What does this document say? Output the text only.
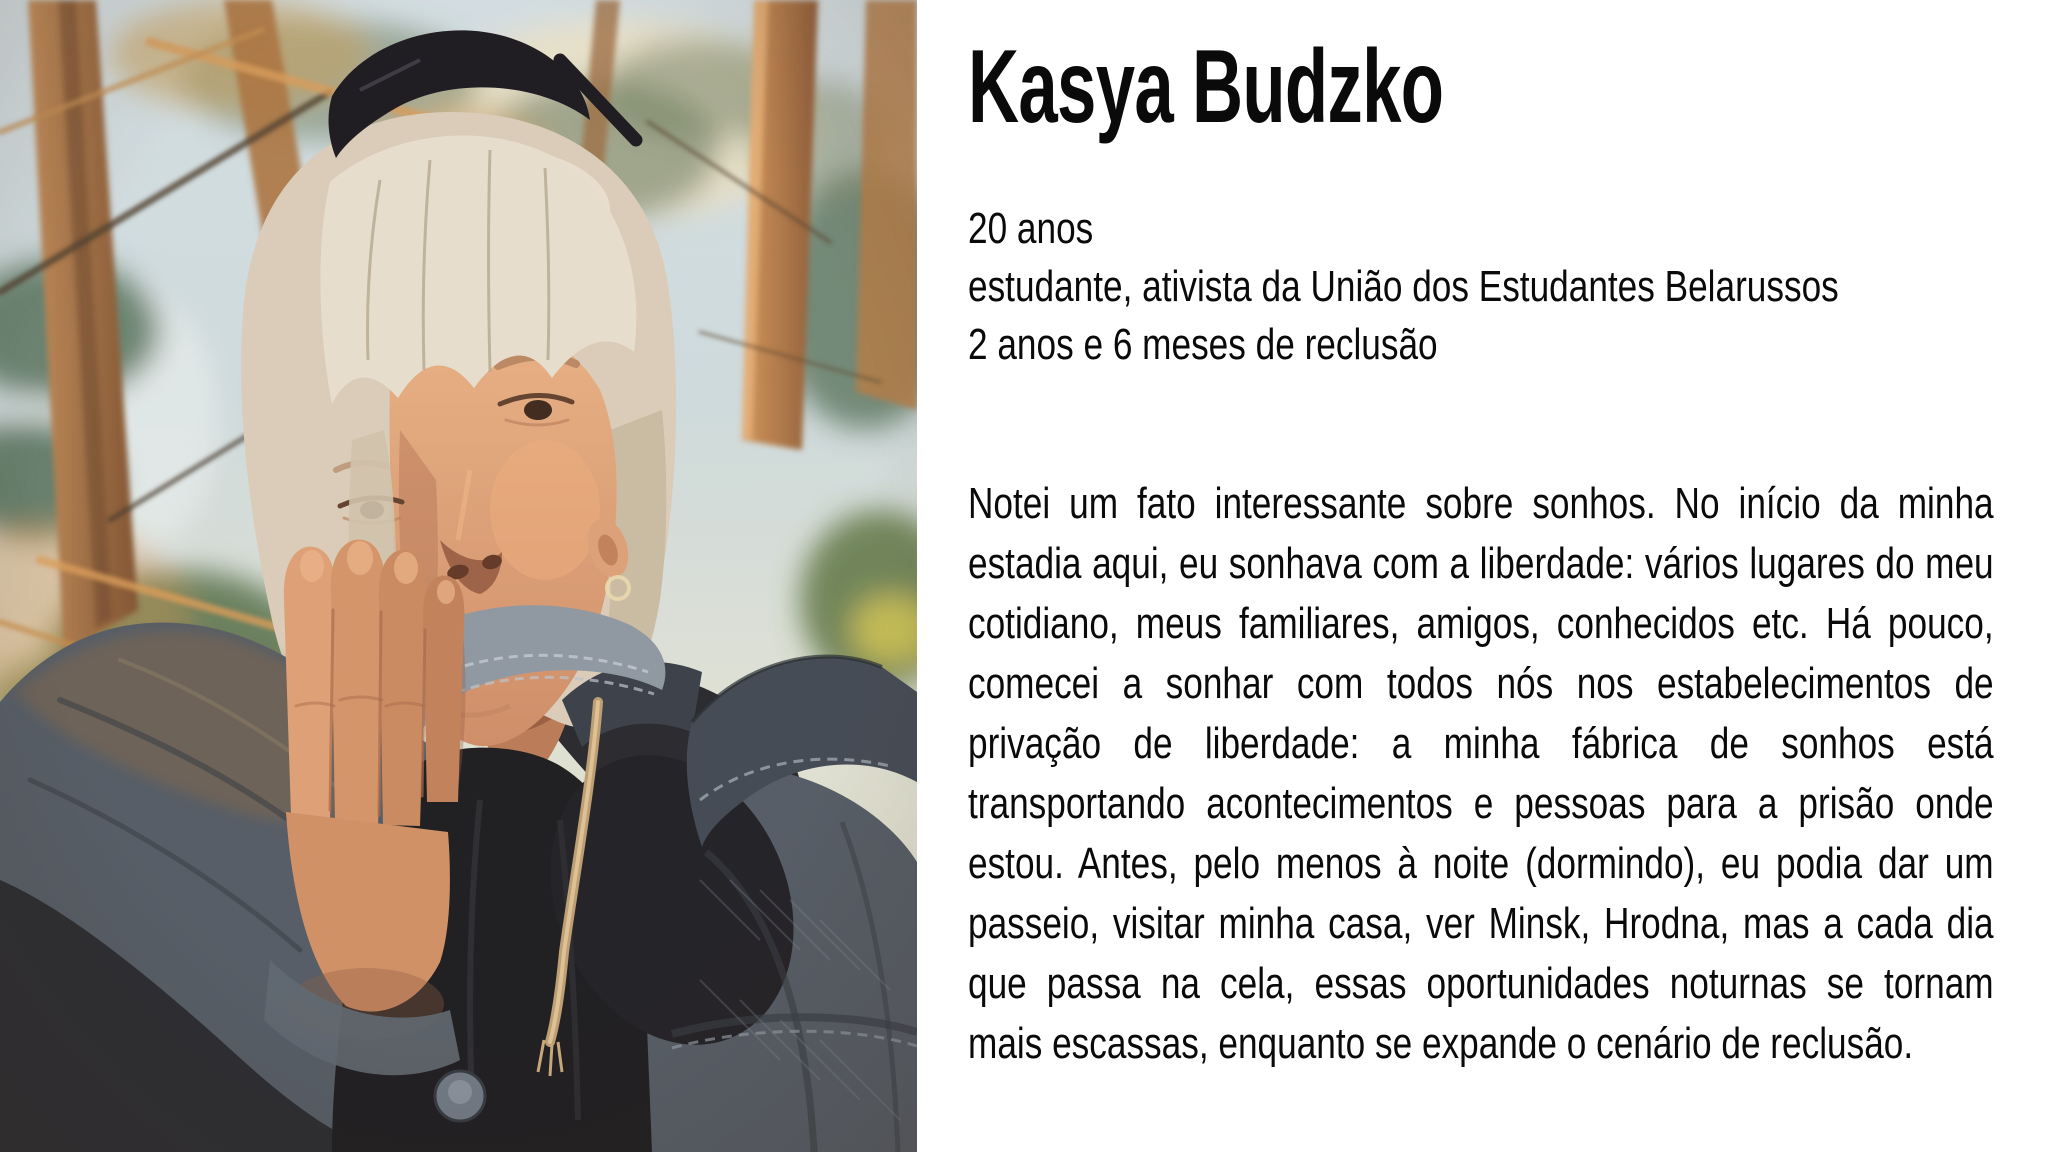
Kasya Budzko
20 anos
estudante, ativista da União dos Estudantes Belarussos
2 anos e 6 meses de reclusão

Notei um fato interessante sobre sonhos. No início da minha estadia aqui, eu sonhava com a liberdade: vários lugares do meu cotidiano, meus familiares, amigos, conhecidos etc. Há pouco, comecei a sonhar com todos nós nos estabelecimentos de privação de liberdade: a minha fábrica de sonhos está transportando acontecimentos e pessoas para a prisão onde estou. Antes, pelo menos à noite (dormindo), eu podia dar um passeio, visitar minha casa, ver Minsk, Hrodna, mas a cada dia que passa na cela, essas oportunidades noturnas se tornam mais escassas, enquanto se expande o cenário de reclusão.
